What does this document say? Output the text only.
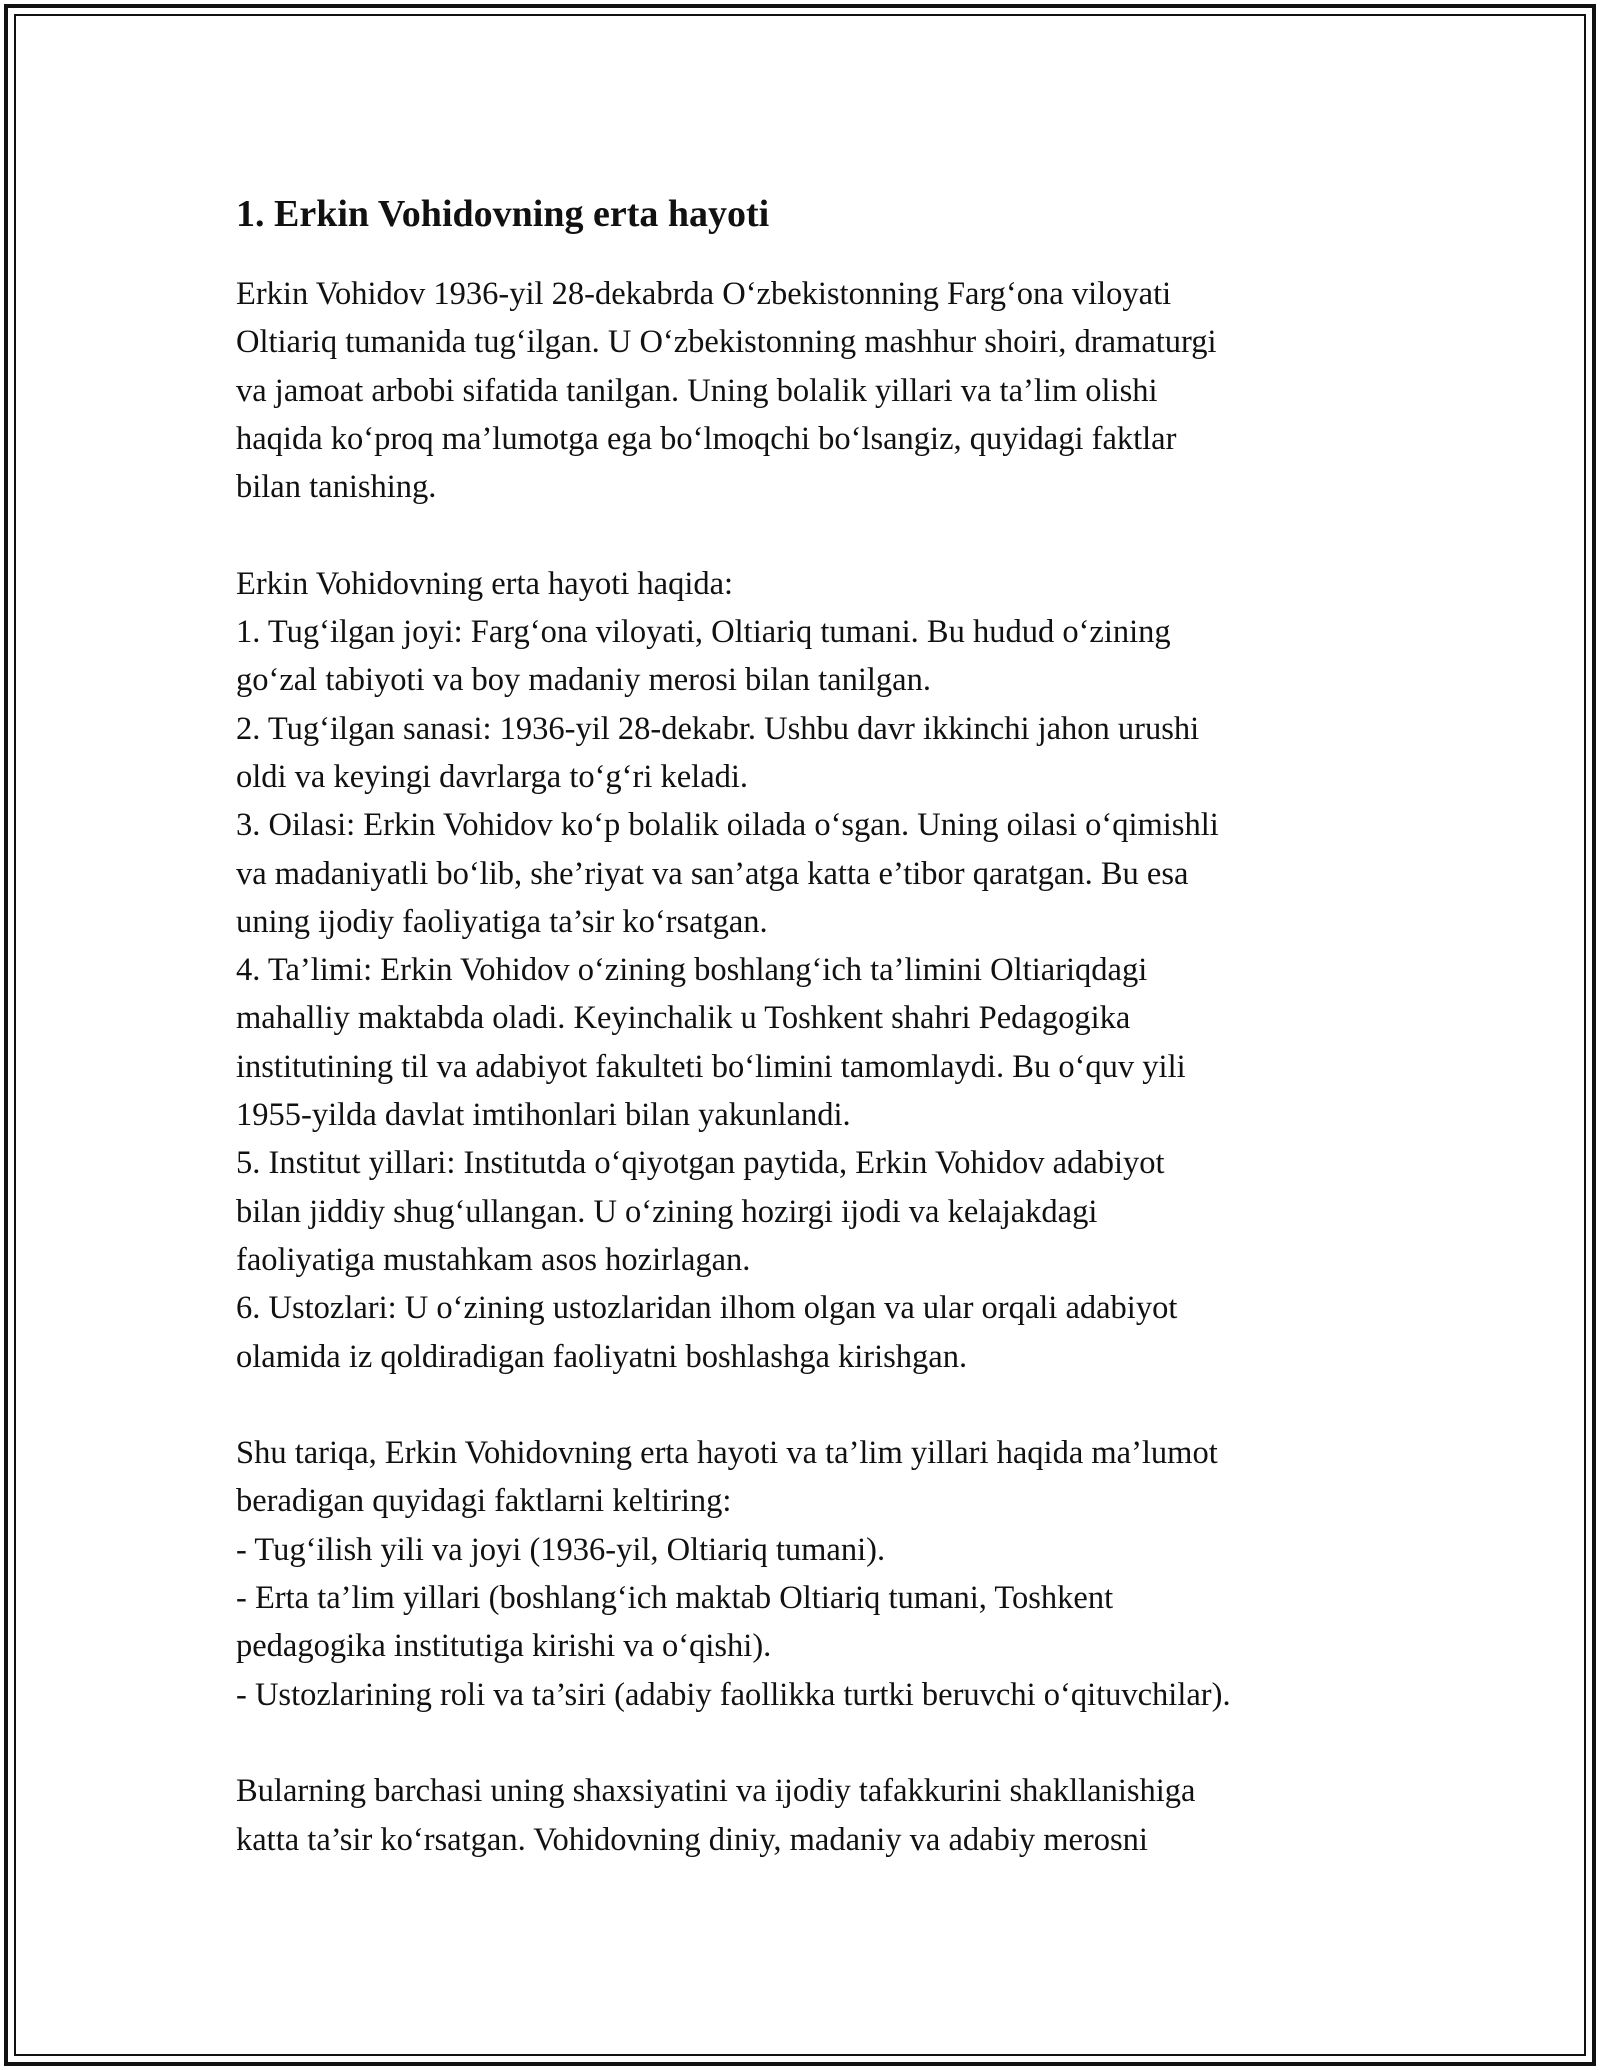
1. Erkin Vohidovning erta hayoti
Erkin Vohidov 1936-yil 28-dekabrda O‘zbekistonning Farg‘ona viloyati
Oltiariq tumanida tug‘ilgan. U O‘zbekistonning mashhur shoiri, dramaturgi
va jamoat arbobi sifatida tanilgan. Uning bolalik yillari va ta’lim olishi
haqida ko‘proq ma’lumotga ega bo‘lmoqchi bo‘lsangiz, quyidagi faktlar
bilan tanishing.
Erkin Vohidovning erta hayoti haqida:
1. Tug‘ilgan joyi: Farg‘ona viloyati, Oltiariq tumani. Bu hudud o‘zining
go‘zal tabiyoti va boy madaniy merosi bilan tanilgan.
2. Tug‘ilgan sanasi: 1936-yil 28-dekabr. Ushbu davr ikkinchi jahon urushi
oldi va keyingi davrlarga to‘g‘ri keladi.
3. Oilasi: Erkin Vohidov ko‘p bolalik oilada o‘sgan. Uning oilasi o‘qimishli
va madaniyatli bo‘lib, she’riyat va san’atga katta e’tibor qaratgan. Bu esa
uning ijodiy faoliyatiga ta’sir ko‘rsatgan.
4. Ta’limi: Erkin Vohidov o‘zining boshlang‘ich ta’limini Oltiariqdagi
mahalliy maktabda oladi. Keyinchalik u Toshkent shahri Pedagogika
institutining til va adabiyot fakulteti bo‘limini tamomlaydi. Bu o‘quv yili
1955-yilda davlat imtihonlari bilan yakunlandi.
5. Institut yillari: Institutda o‘qiyotgan paytida, Erkin Vohidov adabiyot
bilan jiddiy shug‘ullangan. U o‘zining hozirgi ijodi va kelajakdagi
faoliyatiga mustahkam asos hozirlagan.
6. Ustozlari: U o‘zining ustozlaridan ilhom olgan va ular orqali adabiyot
olamida iz qoldiradigan faoliyatni boshlashga kirishgan.
Shu tariqa, Erkin Vohidovning erta hayoti va ta’lim yillari haqida ma’lumot
beradigan quyidagi faktlarni keltiring:
- Tug‘ilish yili va joyi (1936-yil, Oltiariq tumani).
- Erta ta’lim yillari (boshlang‘ich maktab Oltiariq tumani, Toshkent
pedagogika institutiga kirishi va o‘qishi).
- Ustozlarining roli va ta’siri (adabiy faollikka turtki beruvchi o‘qituvchilar).
Bularning barchasi uning shaxsiyatini va ijodiy tafakkurini shakllanishiga
katta ta’sir ko‘rsatgan. Vohidovning diniy, madaniy va adabiy merosni
